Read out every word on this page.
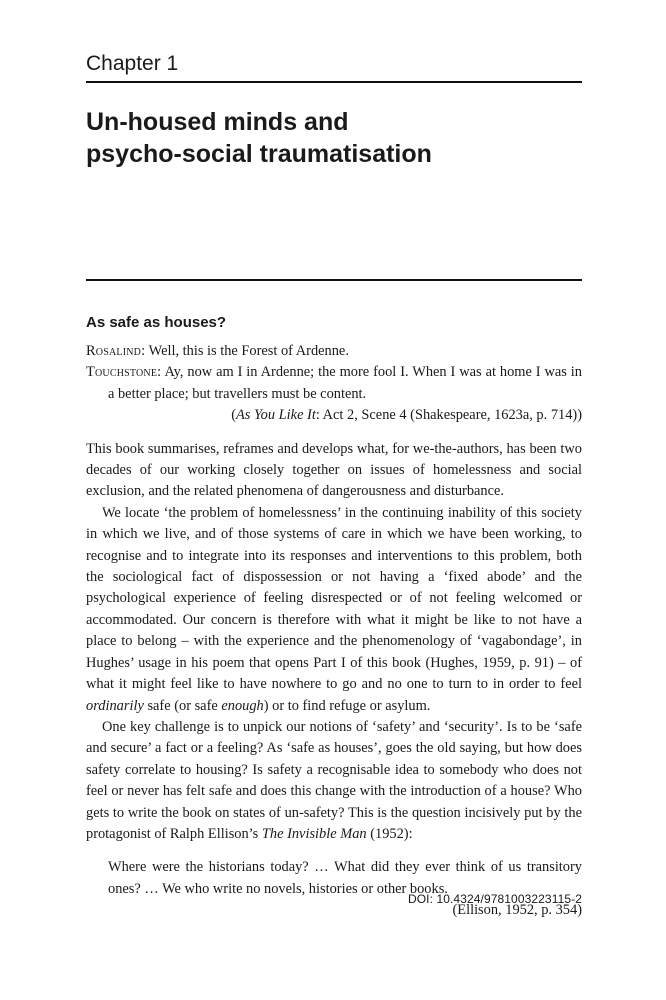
Chapter 1
Un-housed minds and
psycho-social traumatisation
As safe as houses?

Rosalind: Well, this is the Forest of Ardenne.

Touchstone: Ay, now am I in Ardenne; the more fool I. When I was at home I was in a better place; but travellers must be content.

(As You Like It: Act 2, Scene 4 (Shakespeare, 1623a, p. 714))

This book summarises, reframes and develops what, for we-the-authors, has been two decades of our working closely together on issues of homelessness and social exclusion, and the related phenomena of dangerousness and disturbance.

We locate ‘the problem of homelessness’ in the continuing inability of this society in which we live, and of those systems of care in which we have been working, to recognise and to integrate into its responses and interventions to this problem, both the sociological fact of dispossession or not having a ‘fixed abode’ and the psychological experience of feeling disrespected or of not feeling welcomed or accommodated. Our concern is therefore with what it might be like to not have a place to belong – with the experience and the phenomenology of ‘vagabondage’, in Hughes’ usage in his poem that opens Part I of this book (Hughes, 1959, p. 91) – of what it might feel like to have nowhere to go and no one to turn to in order to feel ordinarily safe (or safe enough) or to find refuge or asylum.

One key challenge is to unpick our notions of ‘safety’ and ‘security’. Is to be ‘safe and secure’ a fact or a feeling? As ‘safe as houses’, goes the old saying, but how does safety correlate to housing? Is safety a recognisable idea to somebody who does not feel or never has felt safe and does this change with the introduction of a house? Who gets to write the book on states of un-safety? This is the question incisively put by the protagonist of Ralph Ellison’s The Invisible Man (1952):

Where were the historians today? … What did they ever think of us transitory ones? … We who write no novels, histories or other books.

(Ellison, 1952, p. 354)

DOI: 10.4324/9781003223115-2
